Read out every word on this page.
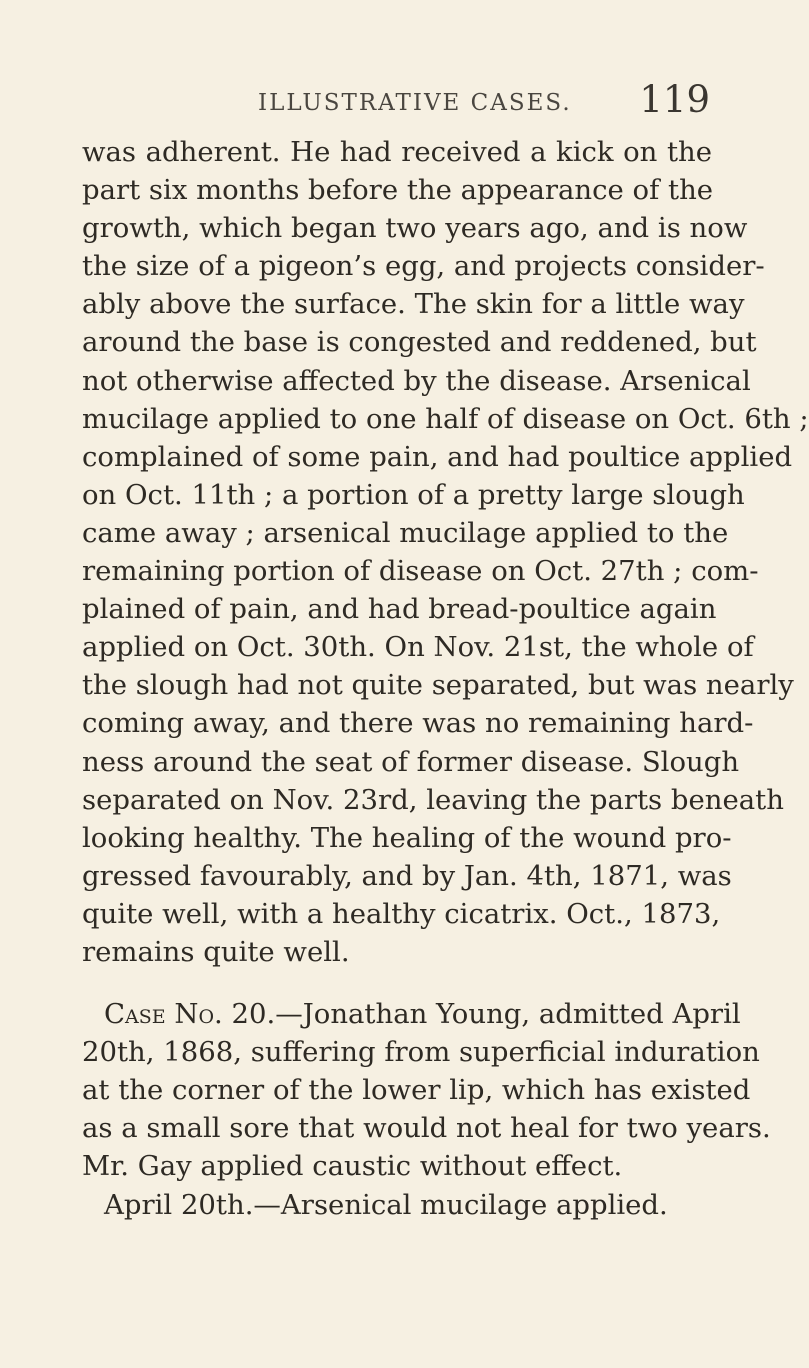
ILLUSTRATIVE CASES. 119
was adherent. He had received a kick on the
part six months before the appearance of the
growth, which began two years ago, and is now
the size of a pigeon’s egg, and projects consider-
ably above the surface. The skin for a little way
around the base is congested and reddened, but
not otherwise affected by the disease. Arsenical
mucilage applied to one half of disease on Oct. 6th ;
complained of some pain, and had poultice applied
on Oct. 11th ; a portion of a pretty large slough
came away ; arsenical mucilage applied to the
remaining portion of disease on Oct. 27th ; com-
plained of pain, and had bread-poultice again
applied on Oct. 30th. On Nov. 21st, the whole of
the slough had not quite separated, but was nearly
coming away, and there was no remaining hard-
ness around the seat of former disease. Slough
separated on Nov. 23rd, leaving the parts beneath
looking healthy. The healing of the wound pro-
gressed favourably, and by Jan. 4th, 1871, was
quite well, with a healthy cicatrix. Oct., 1873,
remains quite well.
Case No. 20.—Jonathan Young, admitted April
20th, 1868, suffering from superficial induration
at the corner of the lower lip, which has existed
as a small sore that would not heal for two years.
Mr. Gay applied caustic without effect.
April 20th.—Arsenical mucilage applied.
